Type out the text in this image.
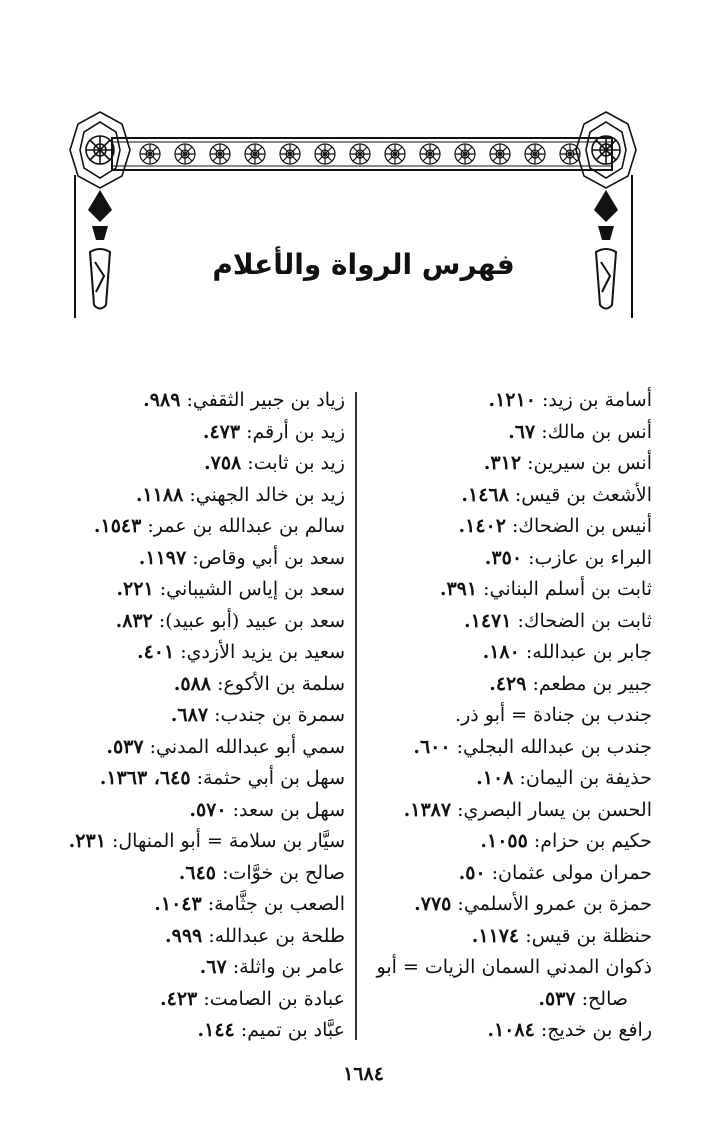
فهرس الرواة والأعلام
أسامة بن زيد: ١٢١٠.
أنس بن مالك: ٦٧.
أنس بن سيرين: ٣١٢.
الأشعث بن قيس: ١٤٦٨.
أنيس بن الضحاك: ١٤٠٢.
البراء بن عازب: ٣٥٠.
ثابت بن أسلم البناني: ٣٩١.
ثابت بن الضحاك: ١٤٧١.
جابر بن عبدالله: ١٨٠.
جبير بن مطعم: ٤٢٩.
جندب بن جنادة = أبو ذر.
جندب بن عبدالله البجلي: ٦٠٠.
حذيفة بن اليمان: ١٠٨.
الحسن بن يسار البصري: ١٣٨٧.
حكيم بن حزام: ١٠٥٥.
حمران مولى عثمان: ٥٠.
حمزة بن عمرو الأسلمي: ٧٧٥.
حنظلة بن قيس: ١١٧٤.
ذكوان المدني السمان الزيات = أبو
صالح: ٥٣٧.
رافع بن خديج: ١٠٨٤.
زياد بن جبير الثقفي: ٩٨٩.
زيد بن أرقم: ٤٧٣.
زيد بن ثابت: ٧٥٨.
زيد بن خالد الجهني: ١١٨٨.
سالم بن عبدالله بن عمر: ١٥٤٣.
سعد بن أبي وقاص: ١١٩٧.
سعد بن إياس الشيباني: ٢٢١.
سعد بن عبيد (أبو عبيد): ٨٣٢.
سعيد بن يزيد الأزدي: ٤٠١.
سلمة بن الأكوع: ٥٨٨.
سمرة بن جندب: ٦٨٧.
سمي أبو عبدالله المدني: ٥٣٧.
سهل بن أبي حثمة: ٦٤٥، ١٣٦٣.
سهل بن سعد: ٥٧٠.
سيَّار بن سلامة = أبو المنهال: ٢٣١.
صالح بن خوَّات: ٦٤٥.
الصعب بن جثَّامة: ١٠٤٣.
طلحة بن عبدالله: ٩٩٩.
عامر بن واثلة: ٦٧.
عبادة بن الصامت: ٤٢٣.
عبَّاد بن تميم: ١٤٤.
١٦٨٤
